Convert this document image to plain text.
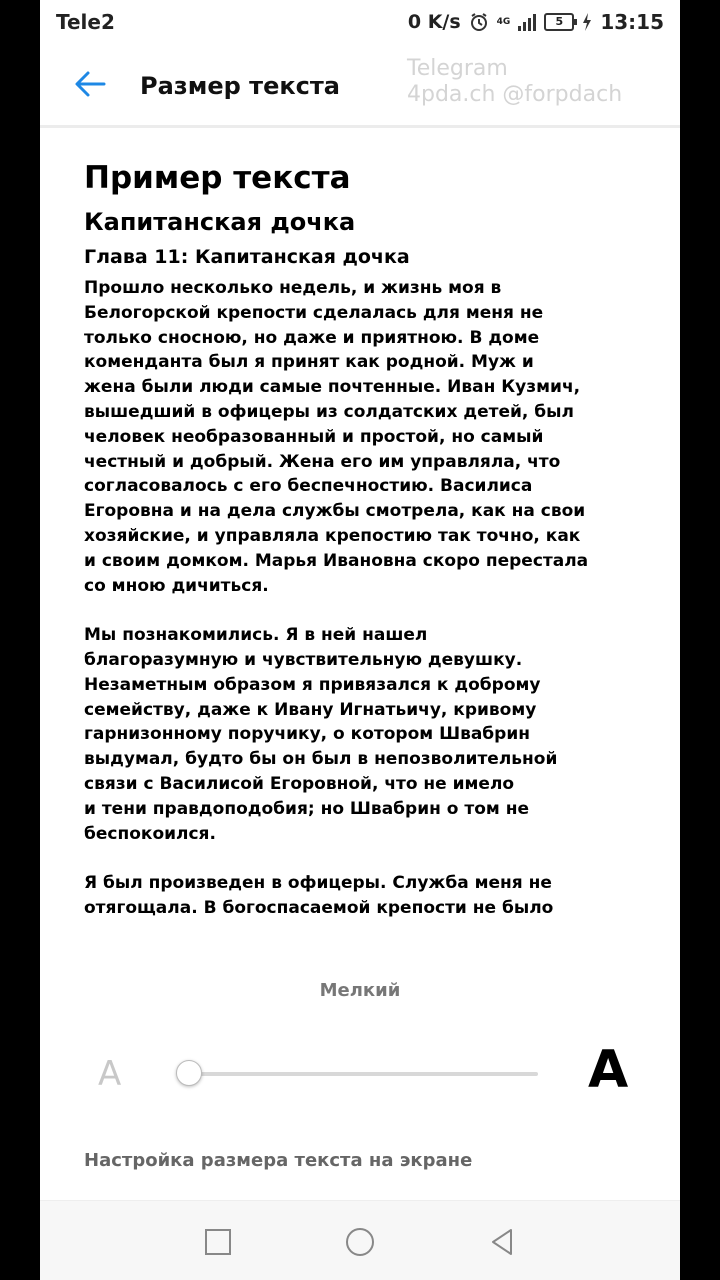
Tele2	0 K/s	4G	5	13:15
Размер текста
Telegram
4pda.ch @forpdach
Пример текста
Капитанская дочка
Глава 11: Капитанская дочка

Прошло несколько недель, и жизнь моя в
Белогорской крепости сделалась для меня не
только сносною, но даже и приятною. В доме
коменданта был я принят как родной. Муж и
жена были люди самые почтенные. Иван Кузмич,
вышедший в офицеры из солдатских детей, был
человек необразованный и простой, но самый
честный и добрый. Жена его им управляла, что
согласовалось с его беспечностию. Василиса
Егоровна и на дела службы смотрела, как на свои
хозяйские, и управляла крепостию так точно, как
и своим домком. Марья Ивановна скоро перестала
со мною дичиться.

Мы познакомились. Я в ней нашел
благоразумную и чувствительную девушку.
Незаметным образом я привязался к доброму
семейству, даже к Ивану Игнатьичу, кривому
гарнизонному поручику, о котором Швабрин
выдумал, будто бы он был в непозволительной
связи с Василисой Егоровной, что не имело
и тени правдоподобия; но Швабрин о том не
беспокоился.

Я был произведен в офицеры. Служба меня не
отягощала. В богоспасаемой крепости не было

Мелкий
A	A
Настройка размера текста на экране
